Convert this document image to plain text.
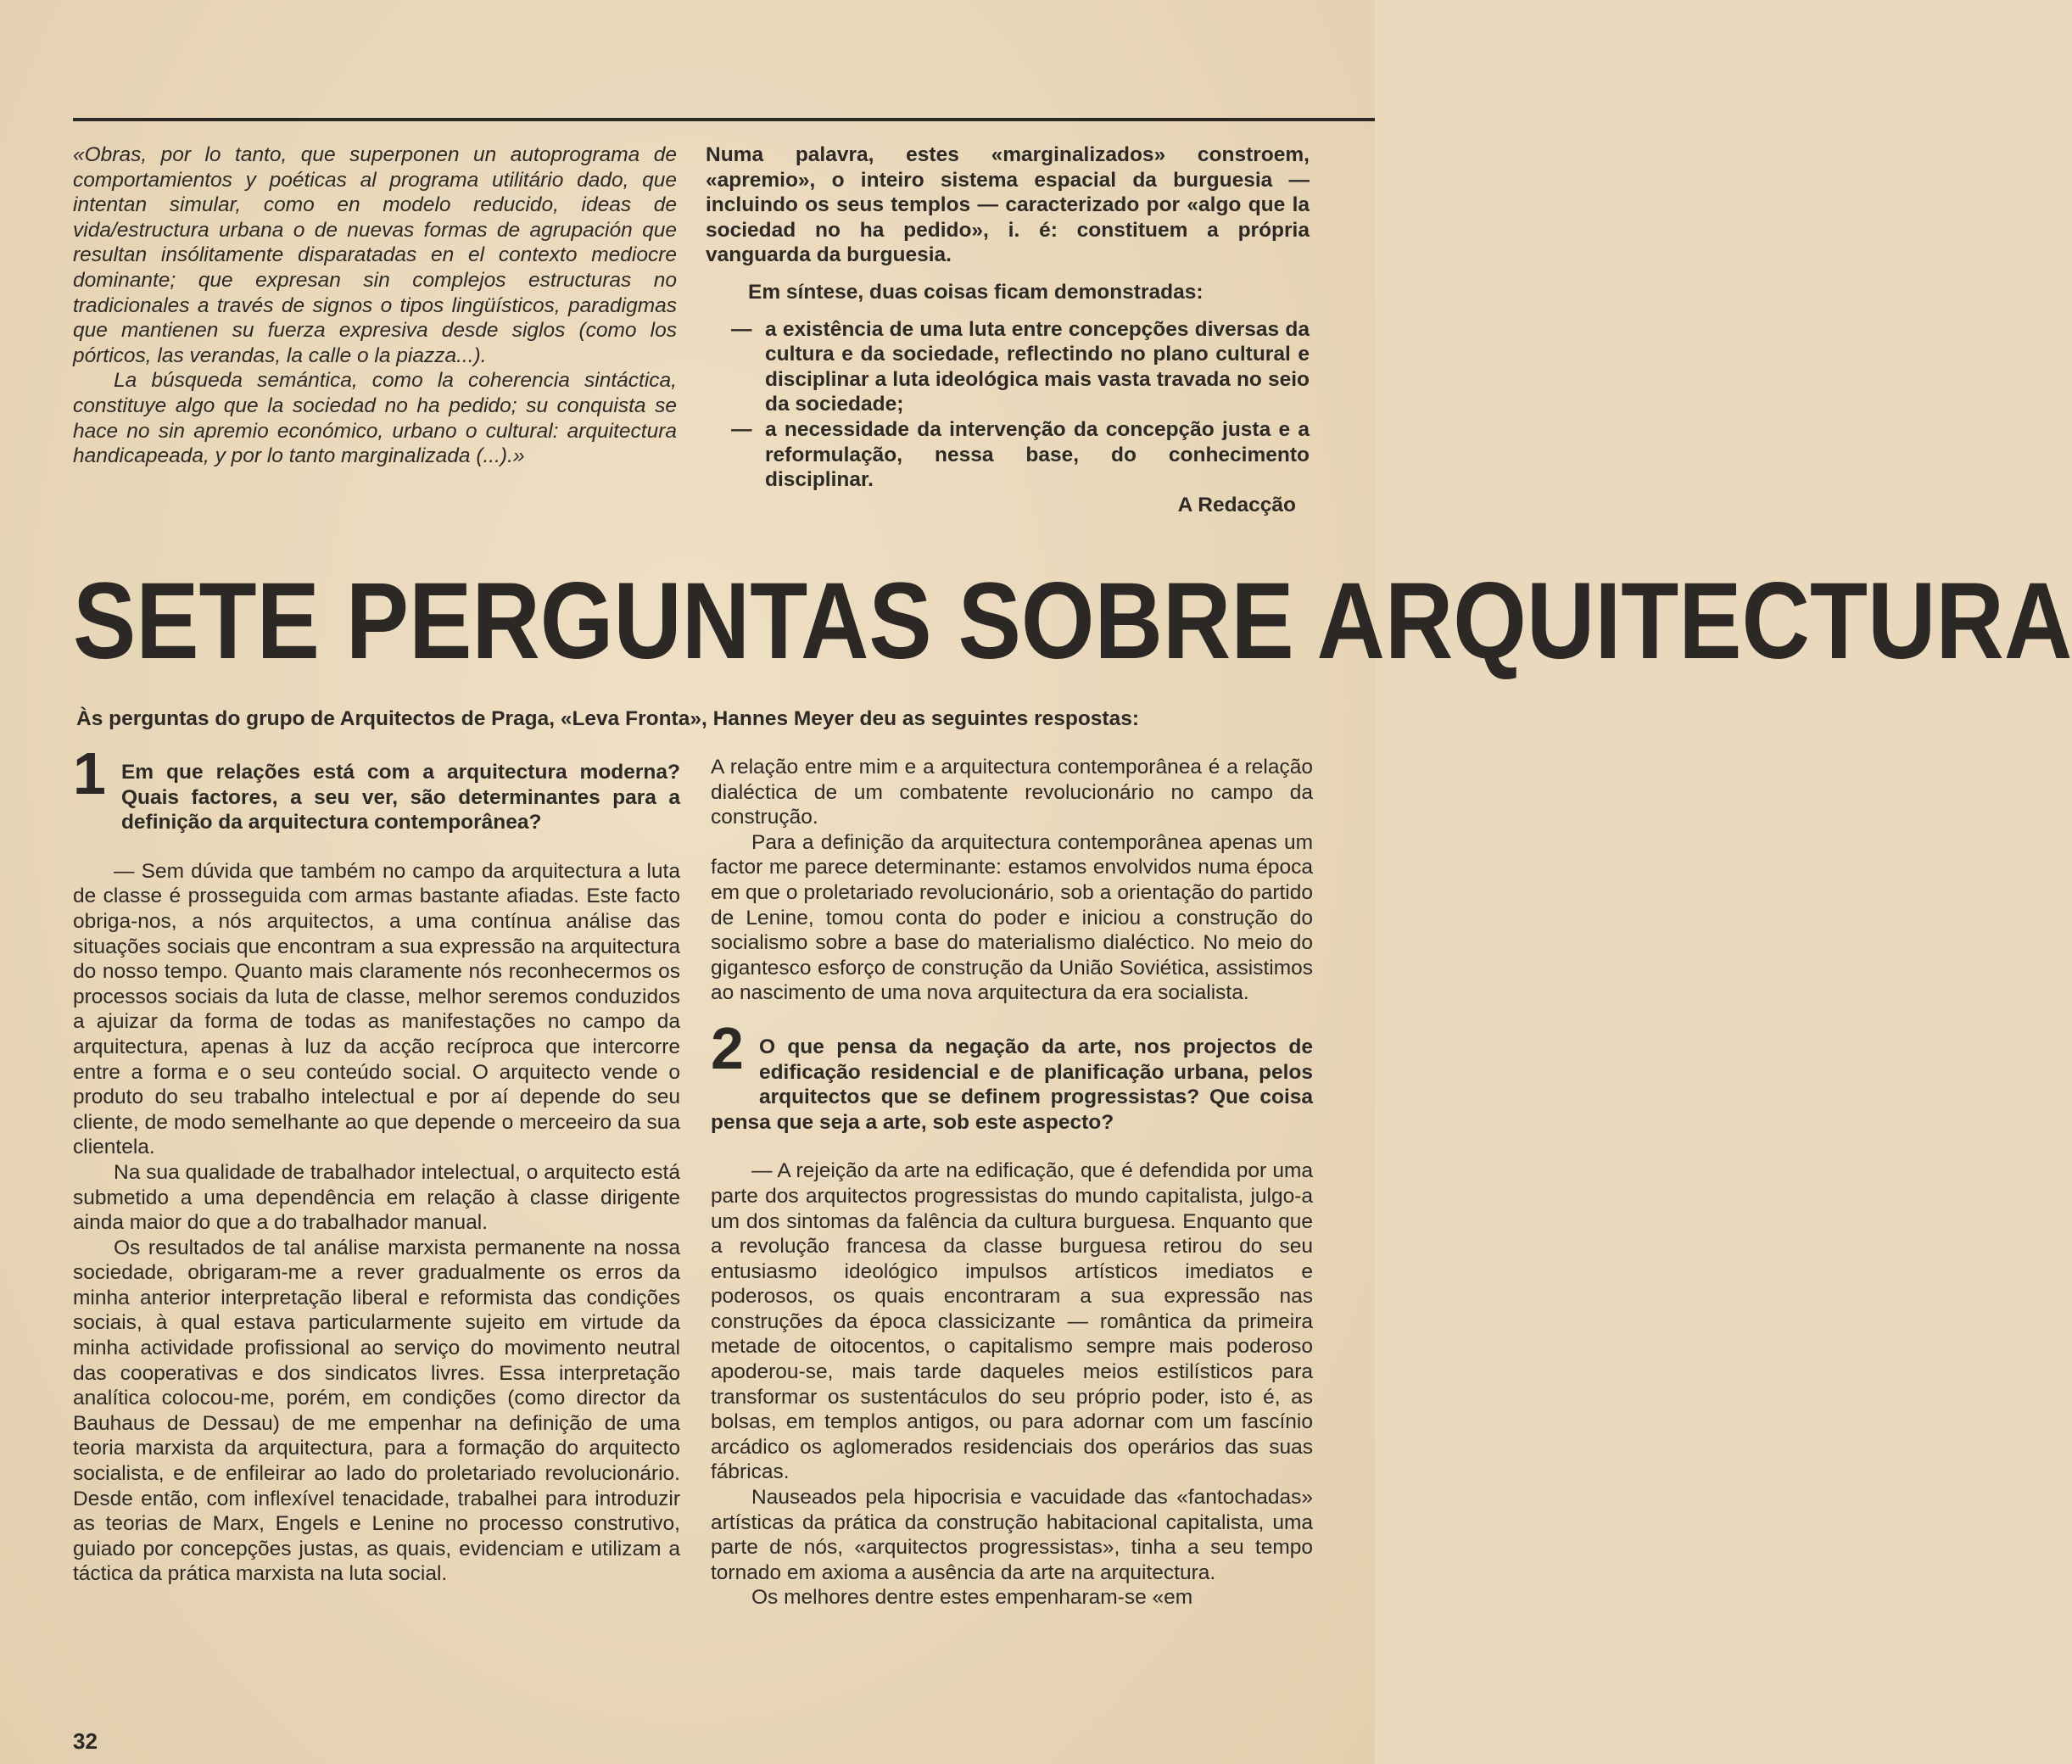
«Obras, por lo tanto, que superponen un autoprograma de comportamientos y poéticas al programa utilitário dado, que intentan simular, como en modelo reducido, ideas de vida/estructura urbana o de nuevas formas de agrupación que resultan insólitamente disparatadas en el contexto mediocre dominante; que expresan sin complejos estructuras no tradicionales a través de signos o tipos lingüísticos, paradigmas que mantienen su fuerza expresiva desde siglos (como los pórticos, las verandas, la calle o la piazza...).

La búsqueda semántica, como la coherencia sintáctica, constituye algo que la sociedad no ha pedido; su conquista se hace no sin apremio económico, urbano o cultural: arquitectura handicapeada, y por lo tanto marginalizada (...).»

Numa palavra, estes «marginalizados» constroem, «apremio», o inteiro sistema espacial da burguesia — incluindo os seus templos — caracterizado por «algo que la sociedad no ha pedido», i. é: constituem a própria vanguarda da burguesia.

Em síntese, duas coisas ficam demonstradas:

— a existência de uma luta entre concepções diversas da cultura e da sociedade, reflectindo no plano cultural e disciplinar a luta ideológica mais vasta travada no seio da sociedade;
— a necessidade da intervenção da concepção justa e a reformulação, nessa base, do conhecimento disciplinar.

A Redacção

SETE PERGUNTAS SOBRE ARQUITECTURA
Às perguntas do grupo de Arquitectos de Praga, «Leva Fronta», Hannes Meyer deu as seguintes respostas:
1 Em que relações está com a arquitectura moderna? Quais factores, a seu ver, são determinantes para a definição da arquitectura contemporânea?

— Sem dúvida que também no campo da arquitectura a luta de classe é prosseguida com armas bastante afiadas. Este facto obriga-nos, a nós arquitectos, a uma contínua análise das situações sociais que encontram a sua expressão na arquitectura do nosso tempo. Quanto mais claramente nós reconhecermos os processos sociais da luta de classe, melhor seremos conduzidos a ajuizar da forma de todas as manifestações no campo da arquitectura, apenas à luz da acção recíproca que intercorre entre a forma e o seu conteúdo social. O arquitecto vende o produto do seu trabalho intelectual e por aí depende do seu cliente, de modo semelhante ao que depende o merceeiro da sua clientela.

Na sua qualidade de trabalhador intelectual, o arquitecto está submetido a uma dependência em relação à classe dirigente ainda maior do que a do trabalhador manual.

Os resultados de tal análise marxista permanente na nossa sociedade, obrigaram-me a rever gradualmente os erros da minha anterior interpretação liberal e reformista das condições sociais, à qual estava particularmente sujeito em virtude da minha actividade profissional ao serviço do movimento neutral das cooperativas e dos sindicatos livres. Essa interpretação analítica colocou-me, porém, em condições (como director da Bauhaus de Dessau) de me empenhar na definição de uma teoria marxista da arquitectura, para a formação do arquitecto socialista, e de enfileirar ao lado do proletariado revolucionário. Desde então, com inflexível tenacidade, trabalhei para introduzir as teorias de Marx, Engels e Lenine no processo construtivo, guiado por concepções justas, as quais, evidenciam e utilizam a táctica da prática marxista na luta social.

A relação entre mim e a arquitectura contemporânea é a relação dialéctica de um combatente revolucionário no campo da construção.

Para a definição da arquitectura contemporânea apenas um factor me parece determinante: estamos envolvidos numa época em que o proletariado revolucionário, sob a orientação do partido de Lenine, tomou conta do poder e iniciou a construção do socialismo sobre a base do materialismo dialéctico. No meio do gigantesco esforço de construção da União Soviética, assistimos ao nascimento de uma nova arquitectura da era socialista.

2 O que pensa da negação da arte, nos projectos de edificação residencial e de planificação urbana, pelos arquitectos que se definem progressistas? Que coisa pensa que seja a arte, sob este aspecto?

— A rejeição da arte na edificação, que é defendida por uma parte dos arquitectos progressistas do mundo capitalista, julgo-a um dos sintomas da falência da cultura burguesa. Enquanto que a revolução francesa da classe burguesa retirou do seu entusiasmo ideológico impulsos artísticos imediatos e poderosos, os quais encontraram a sua expressão nas construções da época classicizante — romântica da primeira metade de oitocentos, o capitalismo sempre mais poderoso apoderou-se, mais tarde daqueles meios estilísticos para transformar os sustentáculos do seu próprio poder, isto é, as bolsas, em templos antigos, ou para adornar com um fascínio arcádico os aglomerados residenciais dos operários das suas fábricas.

Nauseados pela hipocrisia e vacuidade das «fantochadas» artísticas da prática da construção habitacional capitalista, uma parte de nós, «arquitectos progressistas», tinha a seu tempo tornado em axioma a ausência da arte na arquitectura.

Os melhores dentre estes empenharam-se «em

32
